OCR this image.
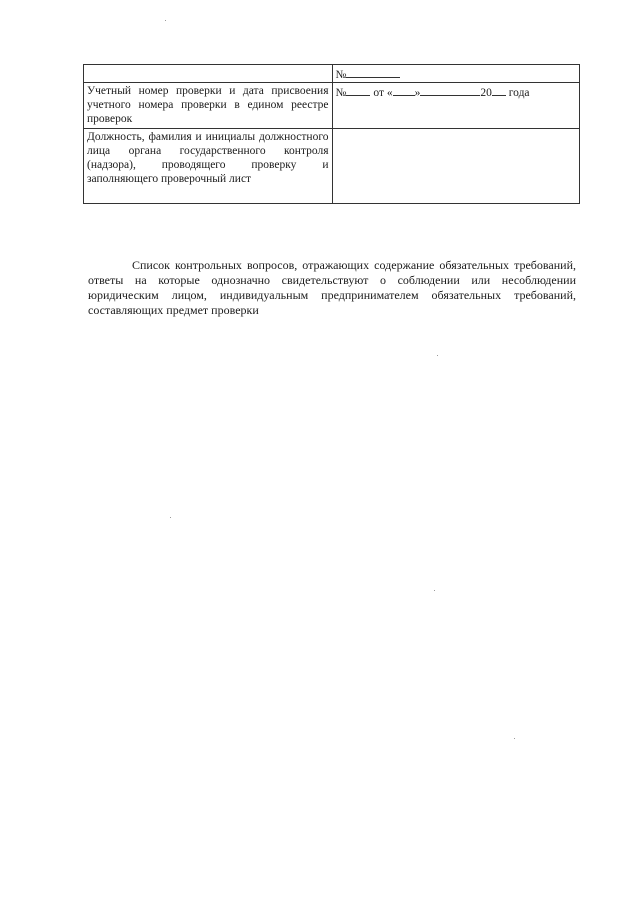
	№
Учетный номер проверки и дата присвоения учетного номера проверки в едином реестре проверок	№ от « » 20 года
Должность, фамилия и инициалы должностного лица органа государственного контроля (надзора), проводящего проверку и заполняющего проверочный лист	

Список контрольных вопросов, отражающих содержание обязательных требований, ответы на которые однозначно свидетельствуют о соблюдении или несоблюдении юридическим лицом, индивидуальным предпринимателем обязательных требований, составляющих предмет проверки
